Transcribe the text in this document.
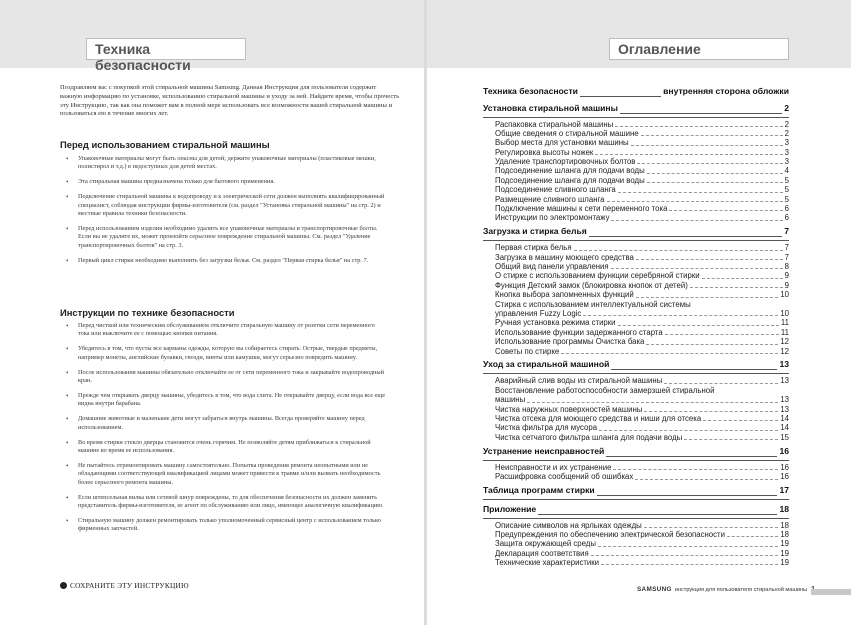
Техника безопасности

Поздравляем вас с покупкой этой стиральной машины Samsung. Данная Инструкция для пользователя содержит важную информацию по установке, использованию стиральной машины и уходу за ней. Найдите время, чтобы прочесть эту Инструкцию, так как она поможет вам в полной мере использовать все возможности вашей стиральной машины и пользоваться ею в течение многих лет.

Перед использованием стиральной машины
• Упаковочные материалы могут быть опасны для детей; держите упаковочные материалы (пластиковые мешки, полистирол и т.д.) в недоступных для детей местах.
• Эта стиральная машина предназначена только для бытового применения.
• Подключение стиральной машины к водопроводу и к электрической сети должен выполнять квалифицированный специалист, соблюдая инструкции фирмы-изготовителя (см. раздел "Установка стиральной машины" на стр. 2) и местные правила техники безопасности.
• Перед использованием изделия необходимо удалить все упаковочные материалы и транспортировочные болты. Если вы не удалите их, может произойти серьезное повреждение стиральной машины. См. раздел "Удаление транспортировочных болтов" на стр. 3.
• Первый цикл стирки необходимо выполнить без загрузки белья. См. раздел "Первая стирка белья" на стр. 7.
Инструкции по технике безопасности
• Перед чисткой или техническим обслуживанием отключите стиральную машину от розетки сети переменного тока или выключите ее с помощью кнопки питания.
• Убедитесь в том, что пусты все карманы одежды, которую вы собираетесь стирать. Острые, твердые предметы, например монеты, английские булавки, гвозди, винты или камушки, могут серьезно повредить машину.
• После использования машины обязательно отключайте ее от сети переменного тока и закрывайте водопроводный кран.
• Прежде чем открывать дверцу машины, убедитесь в том, что вода слита. Не открывайте дверцу, если вода все еще видна внутри барабана.
• Домашние животные и маленькие дети могут забраться внутрь машины. Всегда проверяйте машину перед использованием.
• Во время стирки стекло дверцы становится очень горячим. Не позволяйте детям приближаться к стиральной машине во время ее использования.
• Не пытайтесь отремонтировать машину самостоятельно. Попытка проведения ремонта неопытными или не обладающими соответствующей квалификацией лицами может привести к травме и/или вызвать необходимость более серьезного ремонта машины.
• Если штепсельная вилка или сетевой шнур повреждены, то для обеспечения безопасности их должен заменить представитель фирмы-изготовителя, ее агент по обслуживанию или лицо, имеющее аналогичную квалификацию.
• Стиральную машину должен ремонтировать только уполномоченный сервисный центр с использованием только фирменных запчастей.
СОХРАНИТЕ ЭТУ ИНСТРУКЦИЮ
Оглавление
Техника безопасности	внутренняя сторона обложки
Установка стиральной машины	2
Распаковка стиральной машины	2
Общие сведения о стиральной машине	2
Выбор места для установки машины	3
Регулировка высоты ножек	3
Удаление транспортировочных болтов	3
Подсоединение шланга для подачи воды	4
Подсоединение шланга для подачи воды	5
Подсоединение сливного шланга	5
Размещение сливного шланга	5
Подключение машины к сети переменного тока	6
Инструкции по электромонтажу	6
Загрузка и стирка белья	7
Первая стирка белья	7
Загрузка в машину моющего средства	7
Общий вид панели управления	8
О стирке с использованием функции серебряной стирки	9
Функция Детский замок (блокировка кнопок от детей)	9
Кнопка выбора запомненных функций	10
Стирка с использованием интеллектуальной системы
управления Fuzzy Logic	10
Ручная установка режима стирки	11
Использование функции задержанного старта	11
Использование программы Очистка бака	12
Советы по стирке	12
Уход за стиральной машиной	13
Аварийный слив воды из стиральной машины	13
Восстановление работоспособности замерзшей стиральной
машины	13
Чистка наружных поверхностей машины	13
Чистка отсека для моющего средства и ниши для отсека	14
Чистка фильтра для мусора	14
Чистка сетчатого фильтра шланга для подачи воды	15
Устранение неисправностей	16
Неисправности и их устранение	16
Расшифровка сообщений об ошибках	16
Таблица программ стирки	17
Приложение	18
Описание символов на ярлыках одежды	18
Предупреждения по обеспечению электрической безопасности	18
Защита окружающей среды	19
Декларация соответствия	19
Технические характеристики	19
SAMSUNG инструкция для пользователя стиральной машины
